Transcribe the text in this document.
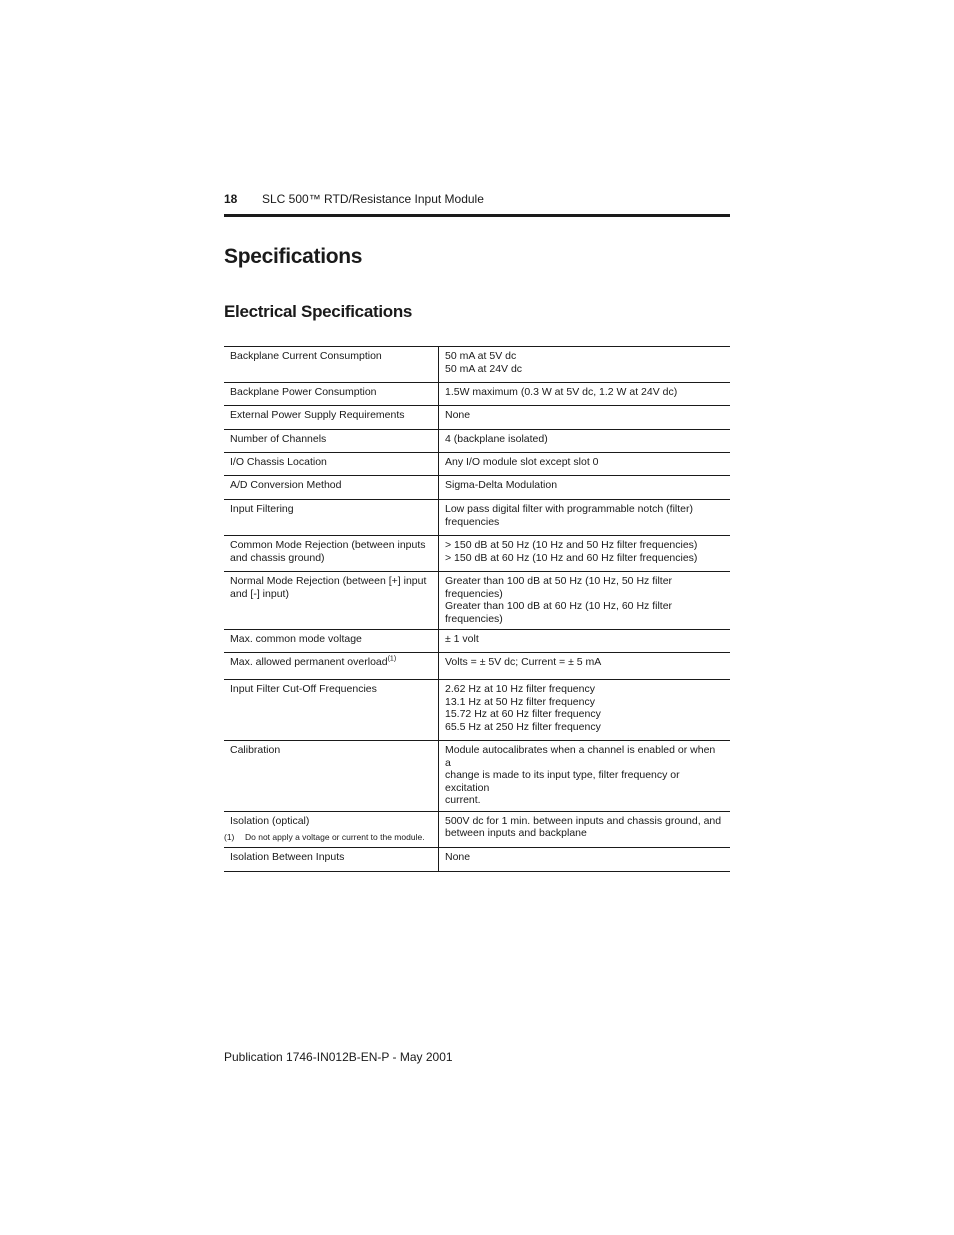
18 SLC 500™ RTD/Resistance Input Module
Specifications
Electrical Specifications
Backplane Current Consumption	50 mA at 5V dc
50 mA at 24V dc
Backplane Power Consumption	1.5W maximum (0.3 W at 5V dc, 1.2 W at 24V dc)
External Power Supply Requirements	None
Number of Channels	4 (backplane isolated)
I/O Chassis Location	Any I/O module slot except slot 0
A/D Conversion Method	Sigma-Delta Modulation
Input Filtering	Low pass digital filter with programmable notch (filter)
frequencies
Common Mode Rejection (between inputs
and chassis ground)	> 150 dB at 50 Hz (10 Hz and 50 Hz filter frequencies)
> 150 dB at 60 Hz (10 Hz and 60 Hz filter frequencies)
Normal Mode Rejection (between [+] input
and [-] input)	Greater than 100 dB at 50 Hz (10 Hz, 50 Hz filter frequencies)
Greater than 100 dB at 60 Hz (10 Hz, 60 Hz filter frequencies)
Max. common mode voltage	± 1 volt
Max. allowed permanent overload$^{(1)}$	Volts = ± 5V dc; Current = ± 5 mA
Input Filter Cut-Off Frequencies	2.62 Hz at 10 Hz filter frequency
13.1 Hz at 50 Hz filter frequency
15.72 Hz at 60 Hz filter frequency
65.5 Hz at 250 Hz filter frequency
Calibration	Module autocalibrates when a channel is enabled or when a
change is made to its input type, filter frequency or excitation
current.
Isolation (optical)	500V dc for 1 min. between inputs and chassis ground, and
between inputs and backplane
Isolation Between Inputs	None
(1) Do not apply a voltage or current to the module.
Publication 1746-IN012B-EN-P - May 2001
